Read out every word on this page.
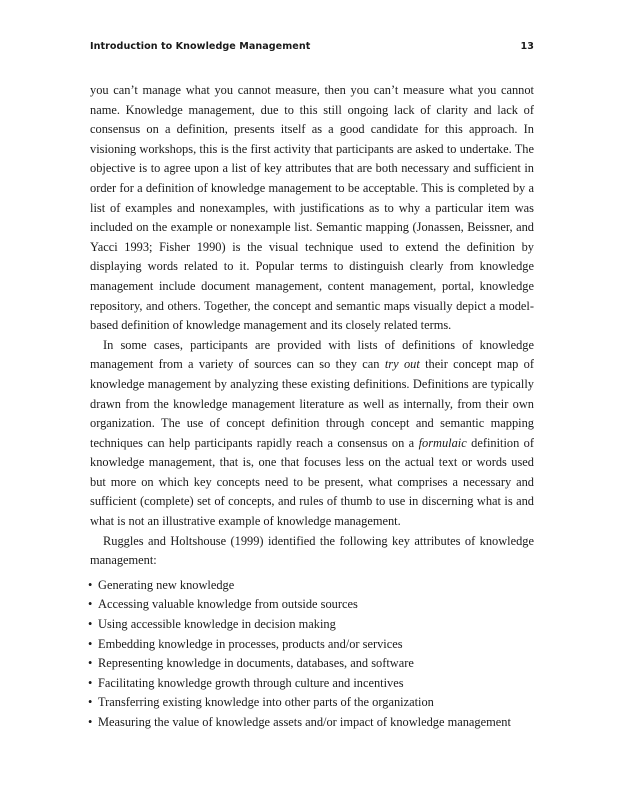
Introduction to Knowledge Management	13

you can’t manage what you cannot measure, then you can’t measure what you cannot name. Knowledge management, due to this still ongoing lack of clarity and lack of consensus on a definition, presents itself as a good candidate for this approach. In visioning workshops, this is the first activity that participants are asked to undertake. The objective is to agree upon a list of key attributes that are both necessary and sufficient in order for a definition of knowledge management to be acceptable. This is completed by a list of examples and nonexamples, with justifications as to why a particular item was included on the example or nonexample list. Semantic mapping (Jonassen, Beissner, and Yacci 1993; Fisher 1990) is the visual technique used to extend the definition by displaying words related to it. Popular terms to distinguish clearly from knowledge management include document management, content management, portal, knowledge repository, and others. Together, the concept and semantic maps visually depict a model-based definition of knowledge management and its closely related terms.

In some cases, participants are provided with lists of definitions of knowledge management from a variety of sources can so they can try out their concept map of knowledge management by analyzing these existing definitions. Definitions are typically drawn from the knowledge management literature as well as internally, from their own organization. The use of concept definition through concept and semantic mapping techniques can help participants rapidly reach a consensus on a formulaic definition of knowledge management, that is, one that focuses less on the actual text or words used but more on which key concepts need to be present, what comprises a necessary and sufficient (complete) set of concepts, and rules of thumb to use in discerning what is and what is not an illustrative example of knowledge management.

Ruggles and Holtshouse (1999) identified the following key attributes of knowledge management:

• Generating new knowledge
• Accessing valuable knowledge from outside sources
• Using accessible knowledge in decision making
• Embedding knowledge in processes, products and/or services
• Representing knowledge in documents, databases, and software
• Facilitating knowledge growth through culture and incentives
• Transferring existing knowledge into other parts of the organization
• Measuring the value of knowledge assets and/or impact of knowledge management
